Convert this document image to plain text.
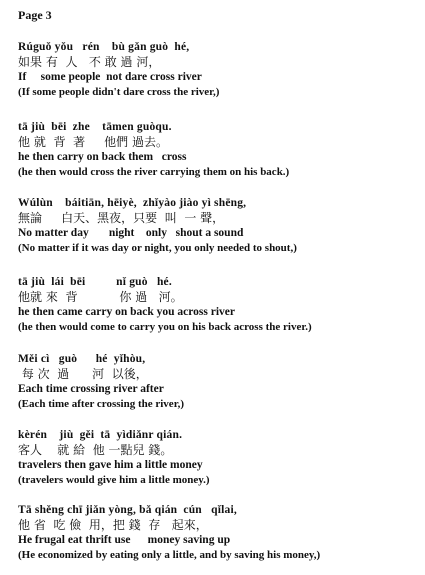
Page 3
Rúguǒ yǒu   rén    bù gǎn guò  hé,
如果 有  人   不 敢 過 河，
If     some people  not dare cross river
(If some people didn't dare cross the river,)
tā jiù  bēi  zhe    tāmen guòqu.
他 就  背  著     他們 過去。
he then carry on back them   cross
(he then would cross the river carrying them on his back.)
Wúlùn    báitiān, hēiyè,  zhǐyào jiào yì shēng,
無論     白天、黑夜，只要  叫  一 聲，
No matter day       night    only   shout a sound
(No matter if it was day or night, you only needed to shout,)
tā jiù  lái  bēi          nǐ guò   hé.
他就 來  背           你 過   河。
he then came carry on back you across river
(he then would come to carry you on his back across the river.)
Měi cì   guò      hé  yǐhòu,
每 次  過      河  以後，
Each time crossing river after
(Each time after crossing the river,)
kèrén    jiù  gěi  tā  yìdiǎnr qián.
客人    就 給  他 一點兒 錢。
travelers then gave him a little money
(travelers would give him a little money.)
Tā shěng chī jiǎn yòng, bǎ qián  cún   qǐlai,
他 省  吃 儉  用，把 錢  存   起來，
He frugal eat thrift use      money saving up
(He economized by eating only a little, and by saving his money,)
